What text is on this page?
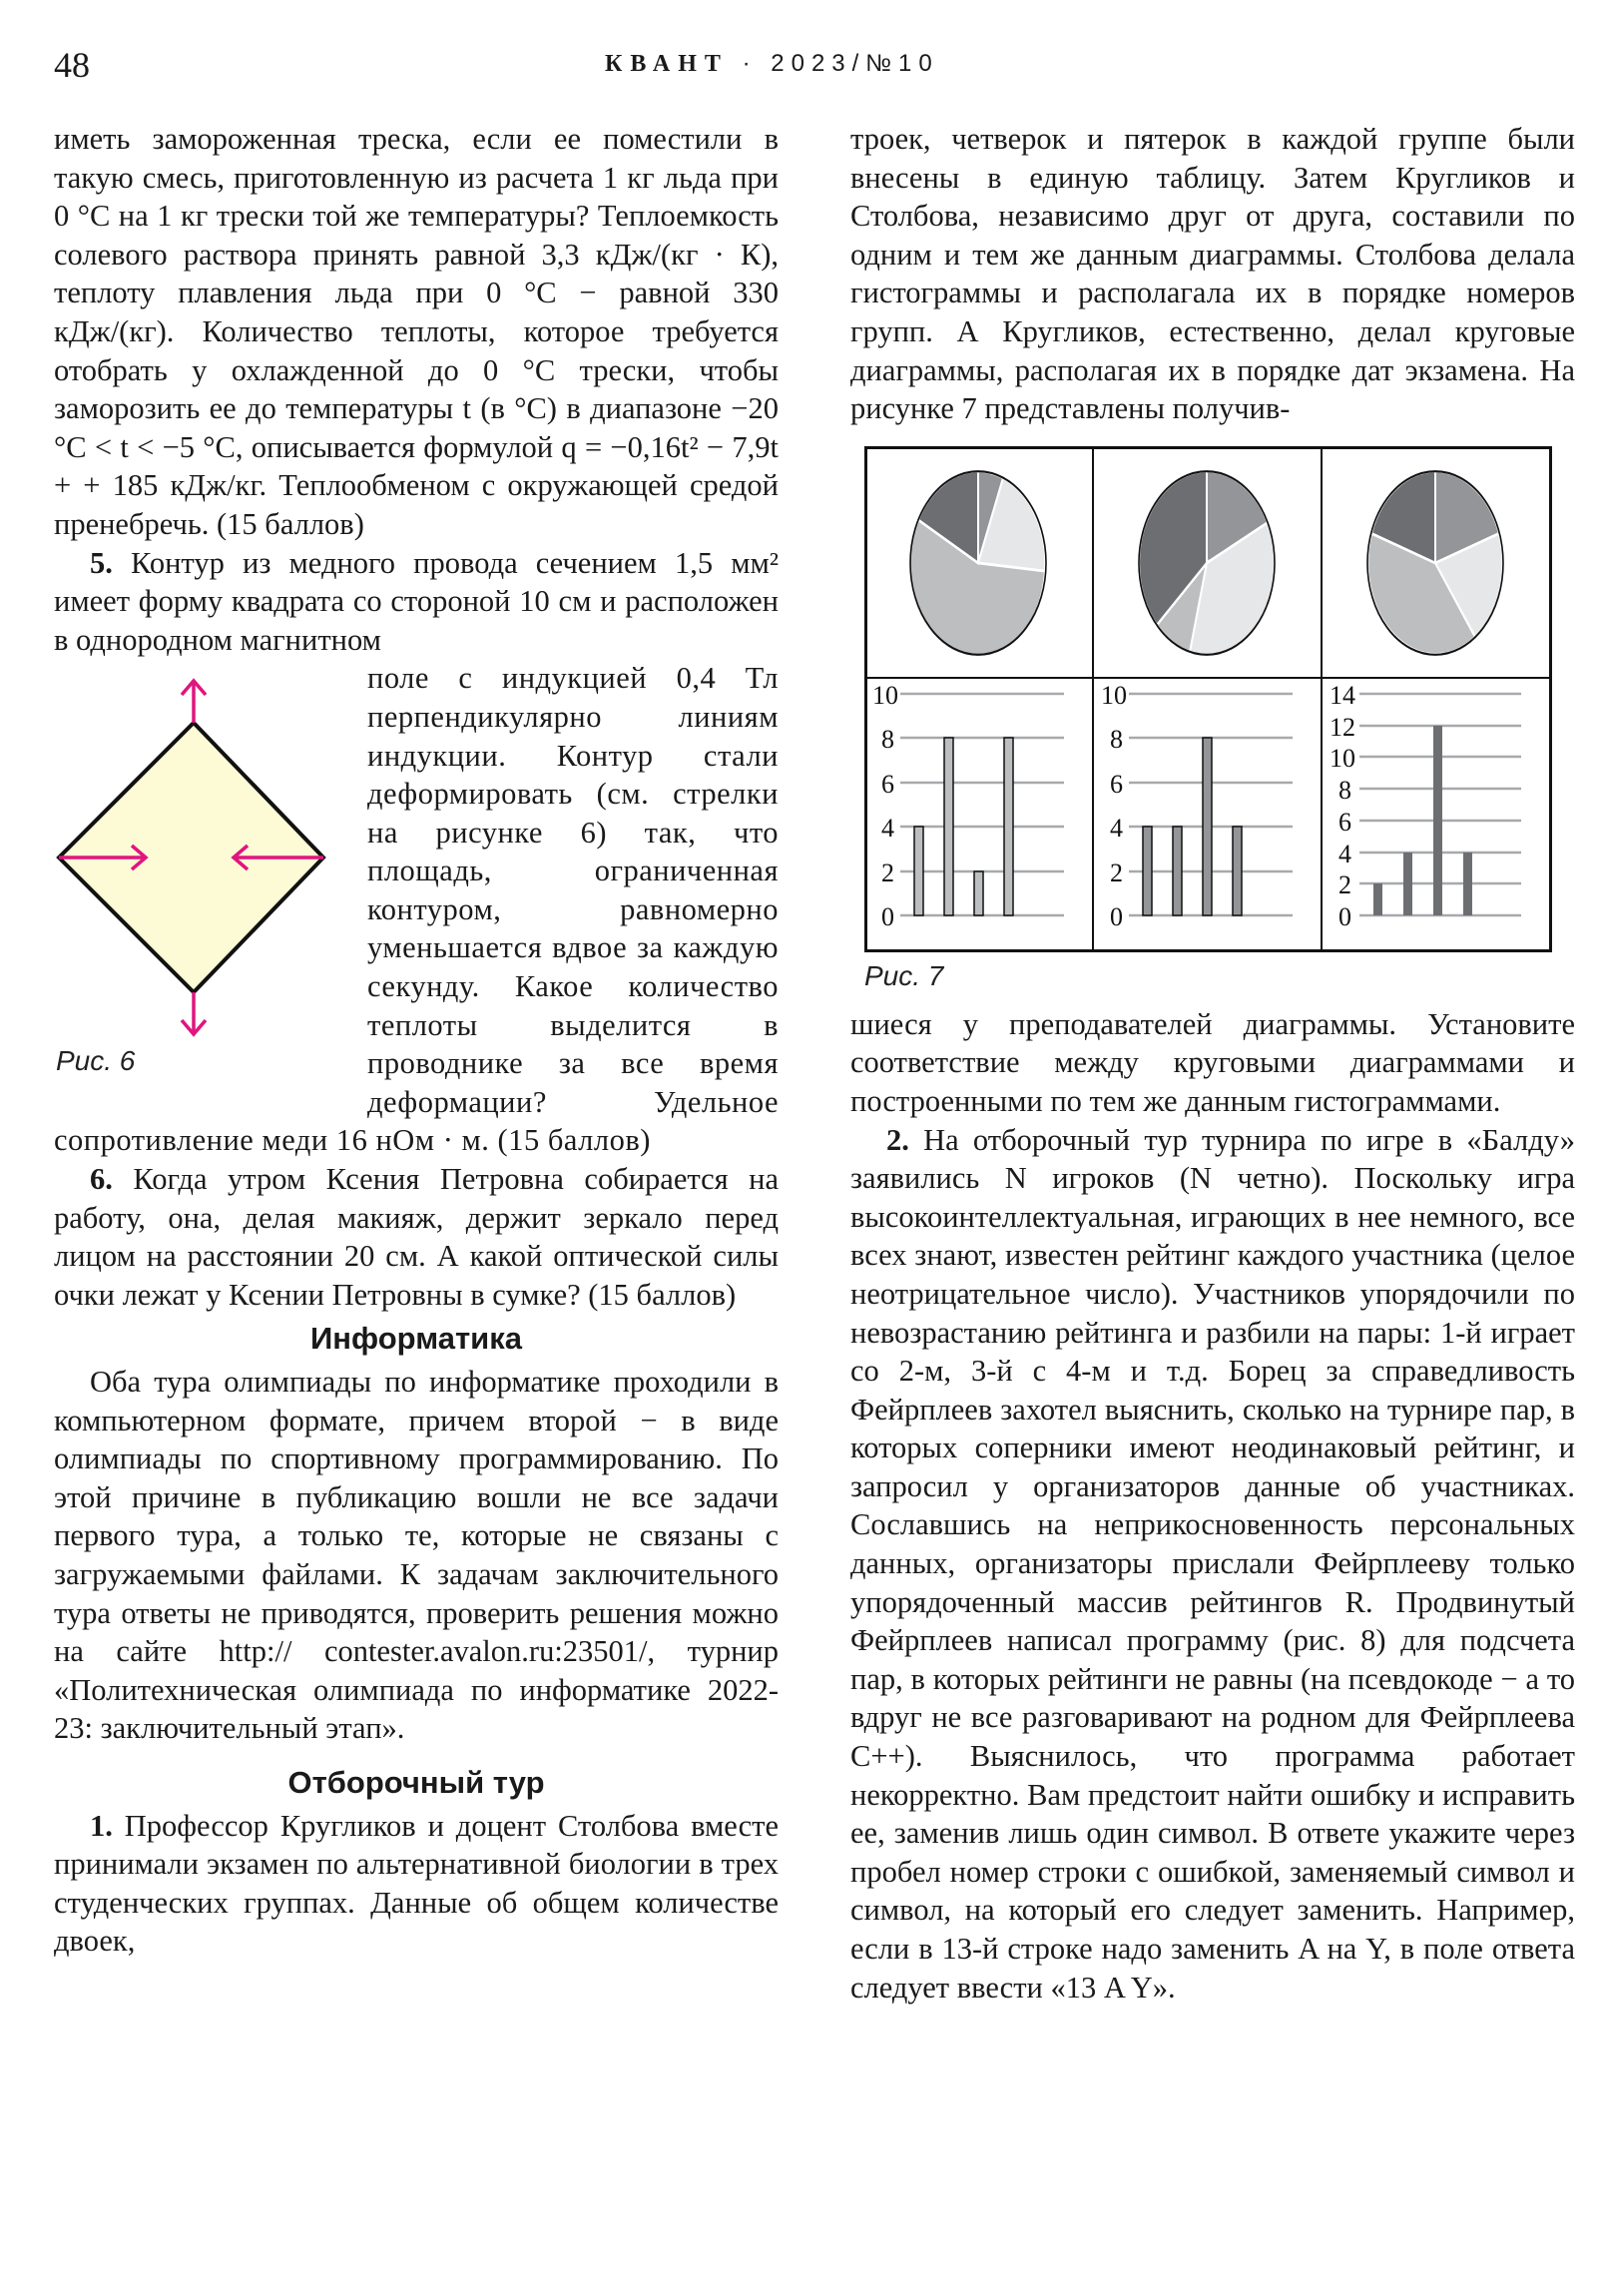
48	КВАНТ · 2023/№10

иметь замороженная треска, если ее поместили в такую смесь, приготовленную из расчета 1 кг льда при 0 °С на 1 кг трески той же температуры? Теплоемкость солевого раствора принять равной 3,3 кДж/(кг · К), теплоту плавления льда при 0 °С − равной 330 кДж/(кг). Количество теплоты, которое требуется отобрать у охлажденной до 0 °С трески, чтобы заморозить ее до температуры t (в °С) в диапазоне −20 °С < t < −5 °С, описывается формулой q = −0,16t² − 7,9t + + 185 кДж/кг. Теплообменом с окружающей средой пренебречь. (15 баллов)

5. Контур из медного провода сечением 1,5 мм² имеет форму квадрата со стороной 10 см и расположен в однородном магнитном

Рис. 6

поле с индукцией 0,4 Тл перпендикулярно линиям индукции. Контур стали деформировать (см. стрелки на рисунке 6) так, что площадь, ограниченная контуром, равномерно уменьшается вдвое за каждую секунду. Какое количество теплоты выделится в проводнике за все время деформации? Удельное сопротивление меди 16 нОм · м. (15 баллов)

6. Когда утром Ксения Петровна собирается на работу, она, делая макияж, держит зеркало перед лицом на расстоянии 20 см. А какой оптической силы очки лежат у Ксении Петровны в сумке? (15 баллов)

Информатика

Оба тура олимпиады по информатике проходили в компьютерном формате, причем второй − в виде олимпиады по спортивному программированию. По этой причине в публикацию вошли не все задачи первого тура, а только те, которые не связаны с загружаемыми файлами. К задачам заключительного тура ответы не приводятся, проверить решения можно на сайте http:// contester.avalon.ru:23501/, турнир «Политехническая олимпиада по информатике 2022-23: заключительный этап».

Отборочный тур

1. Профессор Кругликов и доцент Столбова вместе принимали экзамен по альтернативной биологии в трех студенческих группах. Данные об общем количестве двоек,

троек, четверок и пятерок в каждой группе были внесены в единую таблицу. Затем Кругликов и Столбова, независимо друг от друга, составили по одним и тем же данным диаграммы. Столбова делала гистограммы и располагала их в порядке номеров групп. А Кругликов, естественно, делал круговые диаграммы, располагая их в порядке дат экзамена. На рисунке 7 представлены получив-

10
8
6
4
2
0
10
8
6
4
2
0
14
12
10
8
6
4
2
0
Рис. 7

шиеся у преподавателей диаграммы. Установите соответствие между круговыми диаграммами и построенными по тем же данным гистограммами.

2. На отборочный тур турнира по игре в «Балду» заявились N игроков (N четно). Поскольку игра высокоинтеллектуальная, играющих в нее немного, все всех знают, известен рейтинг каждого участника (целое неотрицательное число). Участников упорядочили по невозрастанию рейтинга и разбили на пары: 1-й играет со 2-м, 3-й с 4-м и т.д. Борец за справедливость Фейрплеев захотел выяснить, сколько на турнире пар, в которых соперники имеют неодинаковый рейтинг, и запросил у организаторов данные об участниках. Сославшись на неприкосновенность персональных данных, организаторы прислали Фейрплееву только упорядоченный массив рейтингов R. Продвинутый Фейрплеев написал программу (рис. 8) для подсчета пар, в которых рейтинги не равны (на псевдокоде − а то вдруг не все разговаривают на родном для Фейрплеева C++). Выяснилось, что программа работает некорректно. Вам предстоит найти ошибку и исправить ее, заменив лишь один символ. В ответе укажите через пробел номер строки с ошибкой, заменяемый символ и символ, на который его следует заменить. Например, если в 13-й строке надо заменить A на Y, в поле ответа следует ввести «13 A Y».
